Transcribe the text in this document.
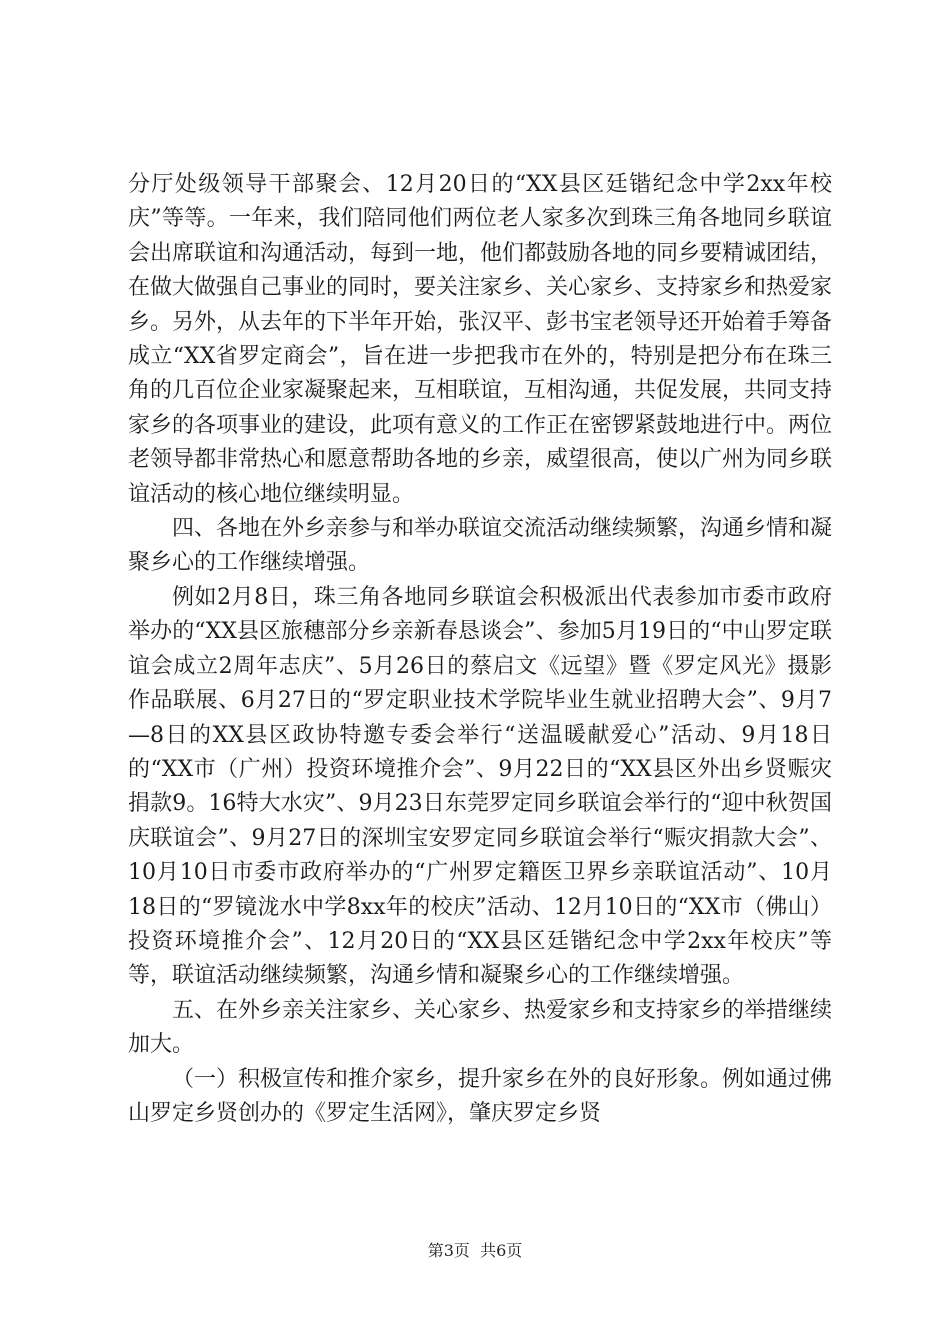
分厅处级领导干部聚会、12月20日的“XX县区廷锴纪念中学2xx年校庆”等等。一年来，我们陪同他们两位老人家多次到珠三角各地同乡联谊会出席联谊和沟通活动，每到一地，他们都鼓励各地的同乡要精诚团结，在做大做强自己事业的同时，要关注家乡、关心家乡、支持家乡和热爱家乡。另外，从去年的下半年开始，张汉平、彭书宝老领导还开始着手筹备成立“XX省罗定商会”，旨在进一步把我市在外的，特别是把分布在珠三角的几百位企业家凝聚起来，互相联谊，互相沟通，共促发展，共同支持家乡的各项事业的建设，此项有意义的工作正在密锣紧鼓地进行中。两位老领导都非常热心和愿意帮助各地的乡亲，威望很高，使以广州为同乡联谊活动的核心地位继续明显。

四、各地在外乡亲参与和举办联谊交流活动继续频繁，沟通乡情和凝聚乡心的工作继续增强。

例如2月8日，珠三角各地同乡联谊会积极派出代表参加市委市政府举办的“XX县区旅穗部分乡亲新春恳谈会”、参加5月19日的“中山罗定联谊会成立2周年志庆”、5月26日的蔡启文《远望》暨《罗定风光》摄影作品联展、6月27日的“罗定职业技术学院毕业生就业招聘大会”、9月7—8日的XX县区政协特邀专委会举行“送温暖献爱心”活动、9月18日的“XX市（广州）投资环境推介会”、9月22日的“XX县区外出乡贤赈灾捐款9。16特大水灾”、9月23日东莞罗定同乡联谊会举行的“迎中秋贺国庆联谊会”、9月27日的深圳宝安罗定同乡联谊会举行“赈灾捐款大会”、10月10日市委市政府举办的“广州罗定籍医卫界乡亲联谊活动”、10月18日的“罗镜泷水中学8xx年的校庆”活动、12月10日的“XX市（佛山）投资环境推介会”、12月20日的“XX县区廷锴纪念中学2xx年校庆”等等，联谊活动继续频繁，沟通乡情和凝聚乡心的工作继续增强。

五、在外乡亲关注家乡、关心家乡、热爱家乡和支持家乡的举措继续加大。

（一）积极宣传和推介家乡，提升家乡在外的良好形象。例如通过佛山罗定乡贤创办的《罗定生活网》，肇庆罗定乡贤

第3页 共6页
